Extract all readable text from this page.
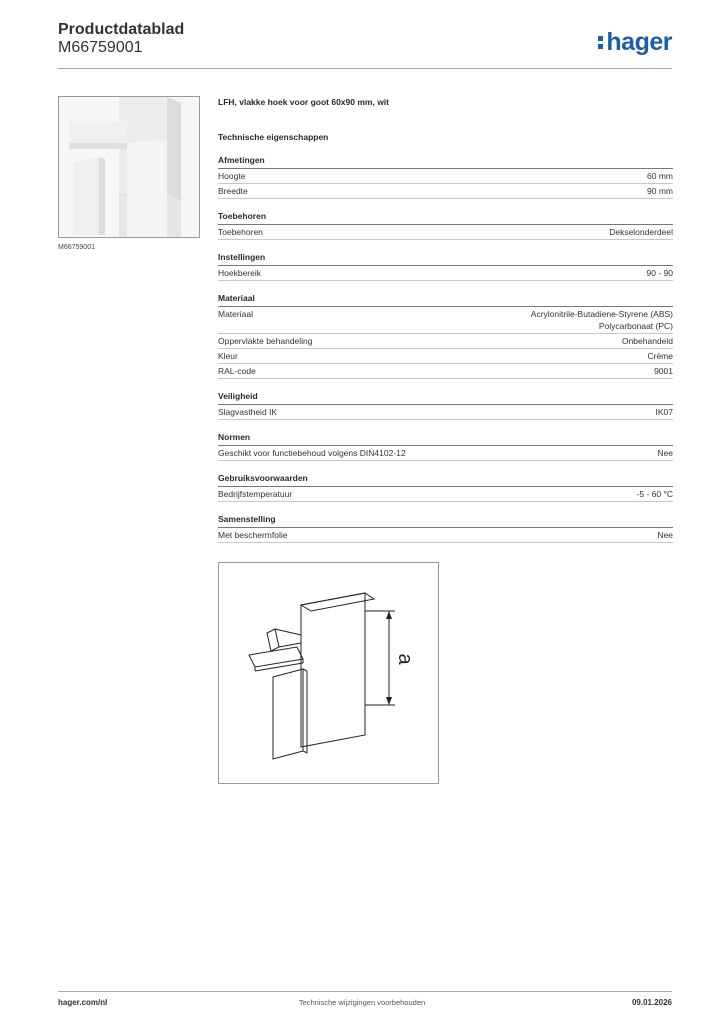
Productdatablad
M66759001	hager
M66759001
LFH, vlakke hoek voor goot 60x90 mm, wit
Technische eigenschappen
Afmetingen
Hoogte	60 mm
Breedte	90 mm
Toebehoren
Toebehoren	Dekselonderdeel
Instellingen
Hoekbereik	90 - 90
Materiaal
Materiaal	Acrylonitrile-Butadiene-Styrene (ABS)
Polycarbonaat (PC)
Oppervlakte behandeling	Onbehandeld
Kleur	Crème
RAL-code	9001
Veiligheid
Slagvastheid IK	IK07
Normen
Geschikt voor functiebehoud volgens DIN4102-12	Nee
Gebruiksvoorwaarden
Bedrijfstemperatuur	-5 - 60 °C
Samenstelling
Met beschermfolie	Nee
a
hager.com/nl	Technische wijzigingen voorbehouden	09.01.2026
